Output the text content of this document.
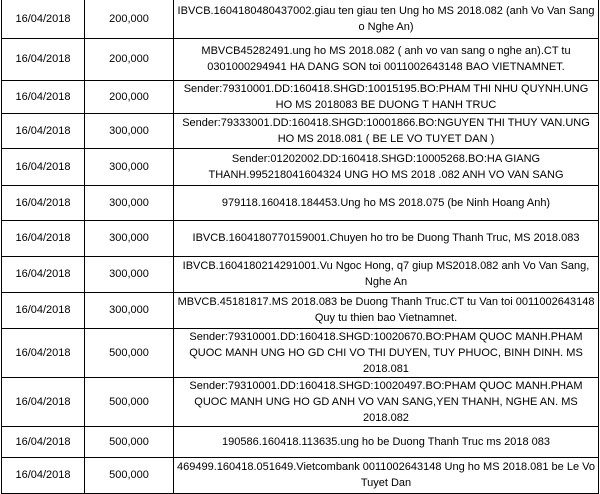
16/04/2018	200,000	IBVCB.1604180480437002.giau ten giau ten Ung ho MS 2018.082 (anh Vo Van Sang o Nghe An)
16/04/2018	200,000	MBVCB45282491.ung ho MS 2018.082 ( anh vo van sang o nghe an).CT tu 0301000294941 HA DANG SON toi 0011002643148 BAO VIETNAMNET.
16/04/2018	200,000	Sender:79310001.DD:160418.SHGD:10015195.BO:PHAM THI NHU QUYNH.UNG HO MS 2018083 BE DUONG T HANH TRUC
16/04/2018	300,000	Sender:79333001.DD:160418.SHGD:10001866.BO:NGUYEN THI THUY VAN.UNG HO MS 2018.081 ( BE LE VO TUYET DAN )
16/04/2018	300,000	Sender:01202002.DD:160418.SHGD:10005268.BO:HA GIANG THANH.995218041604324 UNG HO MS 2018 .082 ANH VO VAN SANG
16/04/2018	300,000	979118.160418.184453.Ung ho MS 2018.075 (be Ninh Hoang Anh)
16/04/2018	300,000	IBVCB.1604180770159001.Chuyen ho tro be Duong Thanh Truc, MS 2018.083
16/04/2018	300,000	IBVCB.1604180214291001.Vu Ngoc Hong, q7 giup MS2018.082 anh Vo Van Sang, Nghe An
16/04/2018	300,000	MBVCB.45181817.MS 2018.083 be Duong Thanh Truc.CT tu Van toi 0011002643148 Quy tu thien bao Vietnamnet.
16/04/2018	500,000	Sender:79310001.DD:160418.SHGD:10020670.BO:PHAM QUOC MANH.PHAM QUOC MANH UNG HO GD CHI VO THI DUYEN, TUY PHUOC, BINH DINH. MS 2018.081
16/04/2018	500,000	Sender:79310001.DD:160418.SHGD:10020497.BO:PHAM QUOC MANH.PHAM QUOC MANH UNG HO GD ANH VO VAN SANG,YEN THANH, NGHE AN. MS 2018.082
16/04/2018	500,000	190586.160418.113635.ung ho be Duong Thanh Truc ms 2018 083
16/04/2018	500,000	469499.160418.051649.Vietcombank 0011002643148 Ung ho MS 2018.081 be Le Vo Tuyet Dan
